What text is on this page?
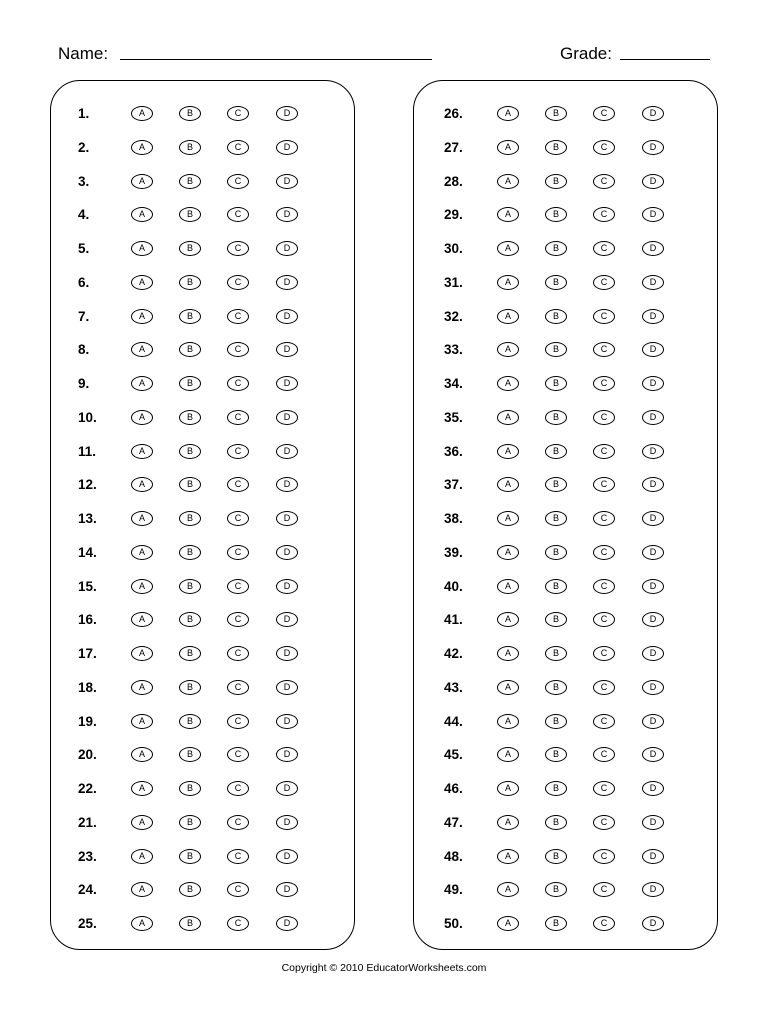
Name:	Grade:
1.	A	B	C	D
2.	A	B	C	D
3.	A	B	C	D
4.	A	B	C	D
5.	A	B	C	D
6.	A	B	C	D
7.	A	B	C	D
8.	A	B	C	D
9.	A	B	C	D
10.	A	B	C	D
11.	A	B	C	D
12.	A	B	C	D
13.	A	B	C	D
14.	A	B	C	D
15.	A	B	C	D
16.	A	B	C	D
17.	A	B	C	D
18.	A	B	C	D
19.	A	B	C	D
20.	A	B	C	D
22.	A	B	C	D
21.	A	B	C	D
23.	A	B	C	D
24.	A	B	C	D
25.	A	B	C	D
26.	A	B	C	D
27.	A	B	C	D
28.	A	B	C	D
29.	A	B	C	D
30.	A	B	C	D
31.	A	B	C	D
32.	A	B	C	D
33.	A	B	C	D
34.	A	B	C	D
35.	A	B	C	D
36.	A	B	C	D
37.	A	B	C	D
38.	A	B	C	D
39.	A	B	C	D
40.	A	B	C	D
41.	A	B	C	D
42.	A	B	C	D
43.	A	B	C	D
44.	A	B	C	D
45.	A	B	C	D
46.	A	B	C	D
47.	A	B	C	D
48.	A	B	C	D
49.	A	B	C	D
50.	A	B	C	D
Copyright © 2010 EducatorWorksheets.com
